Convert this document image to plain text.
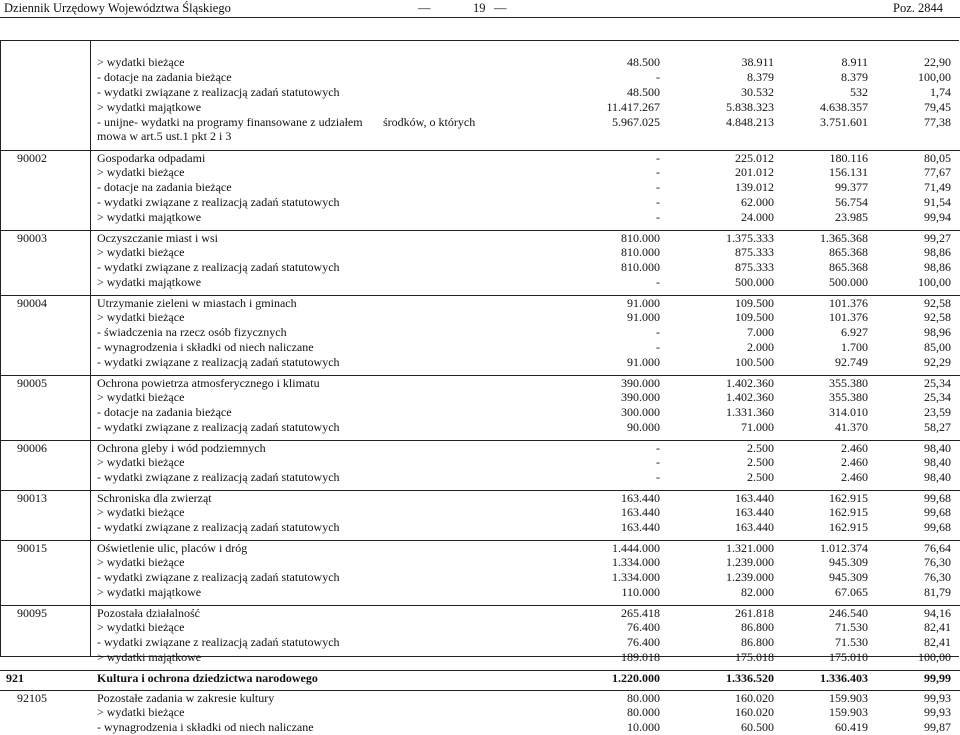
Dziennik Urzędowy Województwa Śląskiego	—	19 —	Poz. 2844
> wydatki bieżące	48.500	38.911	8.911	22,90
- dotacje na zadania bieżące	-	8.379	8.379	100,00
- wydatki związane z realizacją zadań statutowych	48.500	30.532	532	1,74
> wydatki majątkowe	11.417.267	5.838.323	4.638.357	79,45
- unijne- wydatki na programy finansowane z udziałem środków, o których	5.967.025	4.848.213	3.751.601	77,38
mowa w art.5 ust.1 pkt 2 i 3
90002	Gospodarka odpadami	-	225.012	180.116	80,05
> wydatki bieżące	-	201.012	156.131	77,67
- dotacje na zadania bieżące	-	139.012	99.377	71,49
- wydatki związane z realizacją zadań statutowych	-	62.000	56.754	91,54
> wydatki majątkowe	-	24.000	23.985	99,94
90003	Oczyszczanie miast i wsi	810.000	1.375.333	1.365.368	99,27
> wydatki bieżące	810.000	875.333	865.368	98,86
- wydatki związane z realizacją zadań statutowych	810.000	875.333	865.368	98,86
> wydatki majątkowe	-	500.000	500.000	100,00
90004	Utrzymanie zieleni w miastach i gminach	91.000	109.500	101.376	92,58
> wydatki bieżące	91.000	109.500	101.376	92,58
- świadczenia na rzecz osób fizycznych	-	7.000	6.927	98,96
- wynagrodzenia i składki od niech naliczane	-	2.000	1.700	85,00
- wydatki związane z realizacją zadań statutowych	91.000	100.500	92.749	92,29
90005	Ochrona powietrza atmosferycznego i klimatu	390.000	1.402.360	355.380	25,34
> wydatki bieżące	390.000	1.402.360	355.380	25,34
- dotacje na zadania bieżące	300.000	1.331.360	314.010	23,59
- wydatki związane z realizacją zadań statutowych	90.000	71.000	41.370	58,27
90006	Ochrona gleby i wód podziemnych	-	2.500	2.460	98,40
> wydatki bieżące	-	2.500	2.460	98,40
- wydatki związane z realizacją zadań statutowych	-	2.500	2.460	98,40
90013	Schroniska dla zwierząt	163.440	163.440	162.915	99,68
> wydatki bieżące	163.440	163.440	162.915	99,68
- wydatki związane z realizacją zadań statutowych	163.440	163.440	162.915	99,68
90015	Oświetlenie ulic, placów i dróg	1.444.000	1.321.000	1.012.374	76,64
> wydatki bieżące	1.334.000	1.239.000	945.309	76,30
- wydatki związane z realizacją zadań statutowych	1.334.000	1.239.000	945.309	76,30
> wydatki majątkowe	110.000	82.000	67.065	81,79
90095	Pozostała działalność	265.418	261.818	246.540	94,16
> wydatki bieżące	76.400	86.800	71.530	82,41
- wydatki związane z realizacją zadań statutowych	76.400	86.800	71.530	82,41
> wydatki majątkowe	189.018	175.018	175.010	100,00
921	Kultura i ochrona dziedzictwa narodowego	1.220.000	1.336.520	1.336.403	99,99
92105	Pozostałe zadania w zakresie kultury	80.000	160.020	159.903	99,93
> wydatki bieżące	80.000	160.020	159.903	99,93
- wynagrodzenia i składki od niech naliczane	10.000	60.500	60.419	99,87
